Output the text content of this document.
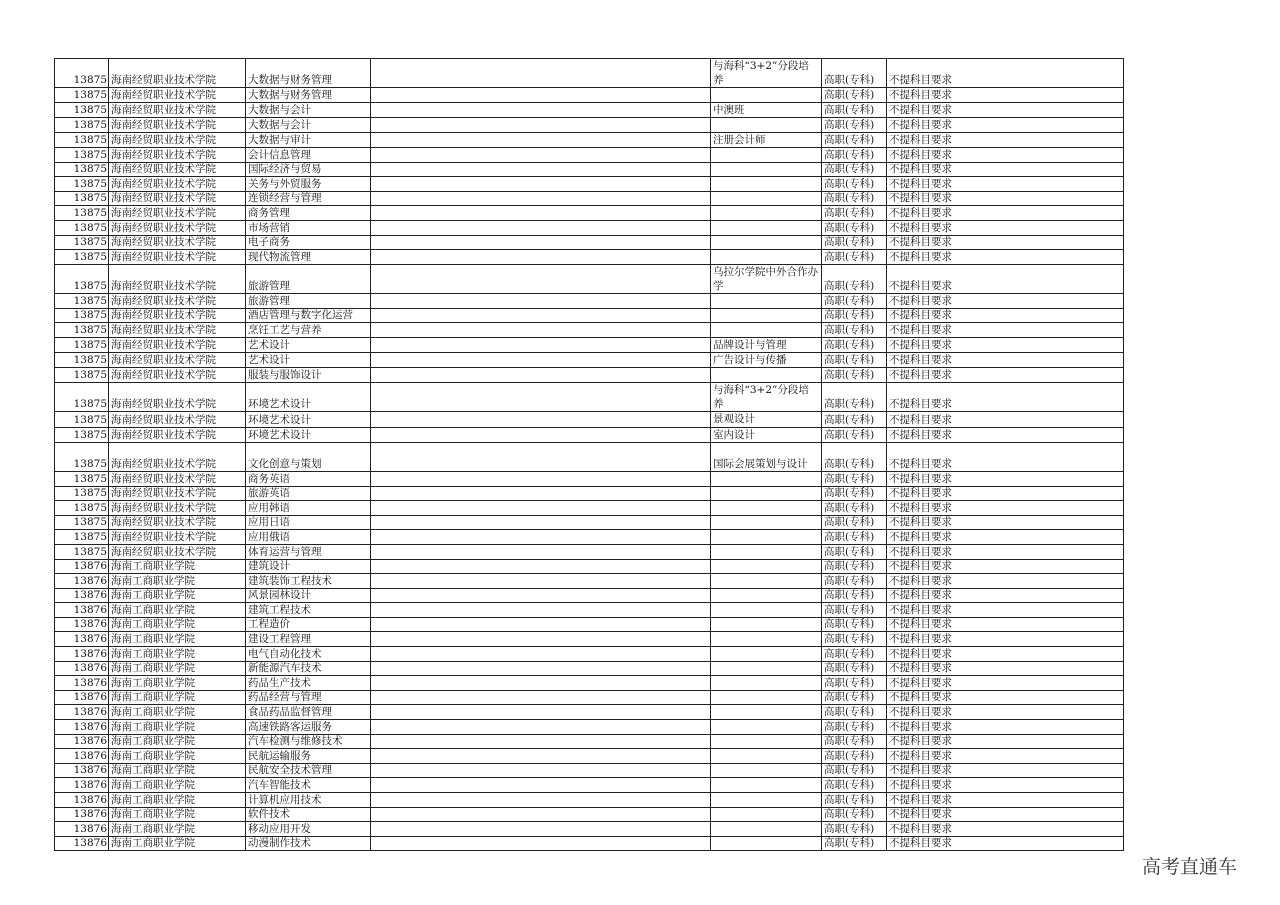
13875	海南经贸职业技术学院	大数据与财务管理		与海科“3+2”分段培养	高职(专科)	不提科目要求
13875	海南经贸职业技术学院	大数据与财务管理			高职(专科)	不提科目要求
13875	海南经贸职业技术学院	大数据与会计		中澳班	高职(专科)	不提科目要求
13875	海南经贸职业技术学院	大数据与会计			高职(专科)	不提科目要求
13875	海南经贸职业技术学院	大数据与审计		注册会计师	高职(专科)	不提科目要求
13875	海南经贸职业技术学院	会计信息管理			高职(专科)	不提科目要求
13875	海南经贸职业技术学院	国际经济与贸易			高职(专科)	不提科目要求
13875	海南经贸职业技术学院	关务与外贸服务			高职(专科)	不提科目要求
13875	海南经贸职业技术学院	连锁经营与管理			高职(专科)	不提科目要求
13875	海南经贸职业技术学院	商务管理			高职(专科)	不提科目要求
13875	海南经贸职业技术学院	市场营销			高职(专科)	不提科目要求
13875	海南经贸职业技术学院	电子商务			高职(专科)	不提科目要求
13875	海南经贸职业技术学院	现代物流管理			高职(专科)	不提科目要求
13875	海南经贸职业技术学院	旅游管理		乌拉尔学院中外合作办学	高职(专科)	不提科目要求
13875	海南经贸职业技术学院	旅游管理			高职(专科)	不提科目要求
13875	海南经贸职业技术学院	酒店管理与数字化运营			高职(专科)	不提科目要求
13875	海南经贸职业技术学院	烹饪工艺与营养			高职(专科)	不提科目要求
13875	海南经贸职业技术学院	艺术设计		品牌设计与管理	高职(专科)	不提科目要求
13875	海南经贸职业技术学院	艺术设计		广告设计与传播	高职(专科)	不提科目要求
13875	海南经贸职业技术学院	服装与服饰设计			高职(专科)	不提科目要求
13875	海南经贸职业技术学院	环境艺术设计		与海科“3+2”分段培养	高职(专科)	不提科目要求
13875	海南经贸职业技术学院	环境艺术设计		景观设计	高职(专科)	不提科目要求
13875	海南经贸职业技术学院	环境艺术设计		室内设计	高职(专科)	不提科目要求
13875	海南经贸职业技术学院	文化创意与策划		国际会展策划与设计	高职(专科)	不提科目要求
13875	海南经贸职业技术学院	商务英语			高职(专科)	不提科目要求
13875	海南经贸职业技术学院	旅游英语			高职(专科)	不提科目要求
13875	海南经贸职业技术学院	应用韩语			高职(专科)	不提科目要求
13875	海南经贸职业技术学院	应用日语			高职(专科)	不提科目要求
13875	海南经贸职业技术学院	应用俄语			高职(专科)	不提科目要求
13875	海南经贸职业技术学院	体育运营与管理			高职(专科)	不提科目要求
13876	海南工商职业学院	建筑设计			高职(专科)	不提科目要求
13876	海南工商职业学院	建筑装饰工程技术			高职(专科)	不提科目要求
13876	海南工商职业学院	风景园林设计			高职(专科)	不提科目要求
13876	海南工商职业学院	建筑工程技术			高职(专科)	不提科目要求
13876	海南工商职业学院	工程造价			高职(专科)	不提科目要求
13876	海南工商职业学院	建设工程管理			高职(专科)	不提科目要求
13876	海南工商职业学院	电气自动化技术			高职(专科)	不提科目要求
13876	海南工商职业学院	新能源汽车技术			高职(专科)	不提科目要求
13876	海南工商职业学院	药品生产技术			高职(专科)	不提科目要求
13876	海南工商职业学院	药品经营与管理			高职(专科)	不提科目要求
13876	海南工商职业学院	食品药品监督管理			高职(专科)	不提科目要求
13876	海南工商职业学院	高速铁路客运服务			高职(专科)	不提科目要求
13876	海南工商职业学院	汽车检测与维修技术			高职(专科)	不提科目要求
13876	海南工商职业学院	民航运输服务			高职(专科)	不提科目要求
13876	海南工商职业学院	民航安全技术管理			高职(专科)	不提科目要求
13876	海南工商职业学院	汽车智能技术			高职(专科)	不提科目要求
13876	海南工商职业学院	计算机应用技术			高职(专科)	不提科目要求
13876	海南工商职业学院	软件技术			高职(专科)	不提科目要求
13876	海南工商职业学院	移动应用开发			高职(专科)	不提科目要求
13876	海南工商职业学院	动漫制作技术			高职(专科)	不提科目要求
高考直通车
